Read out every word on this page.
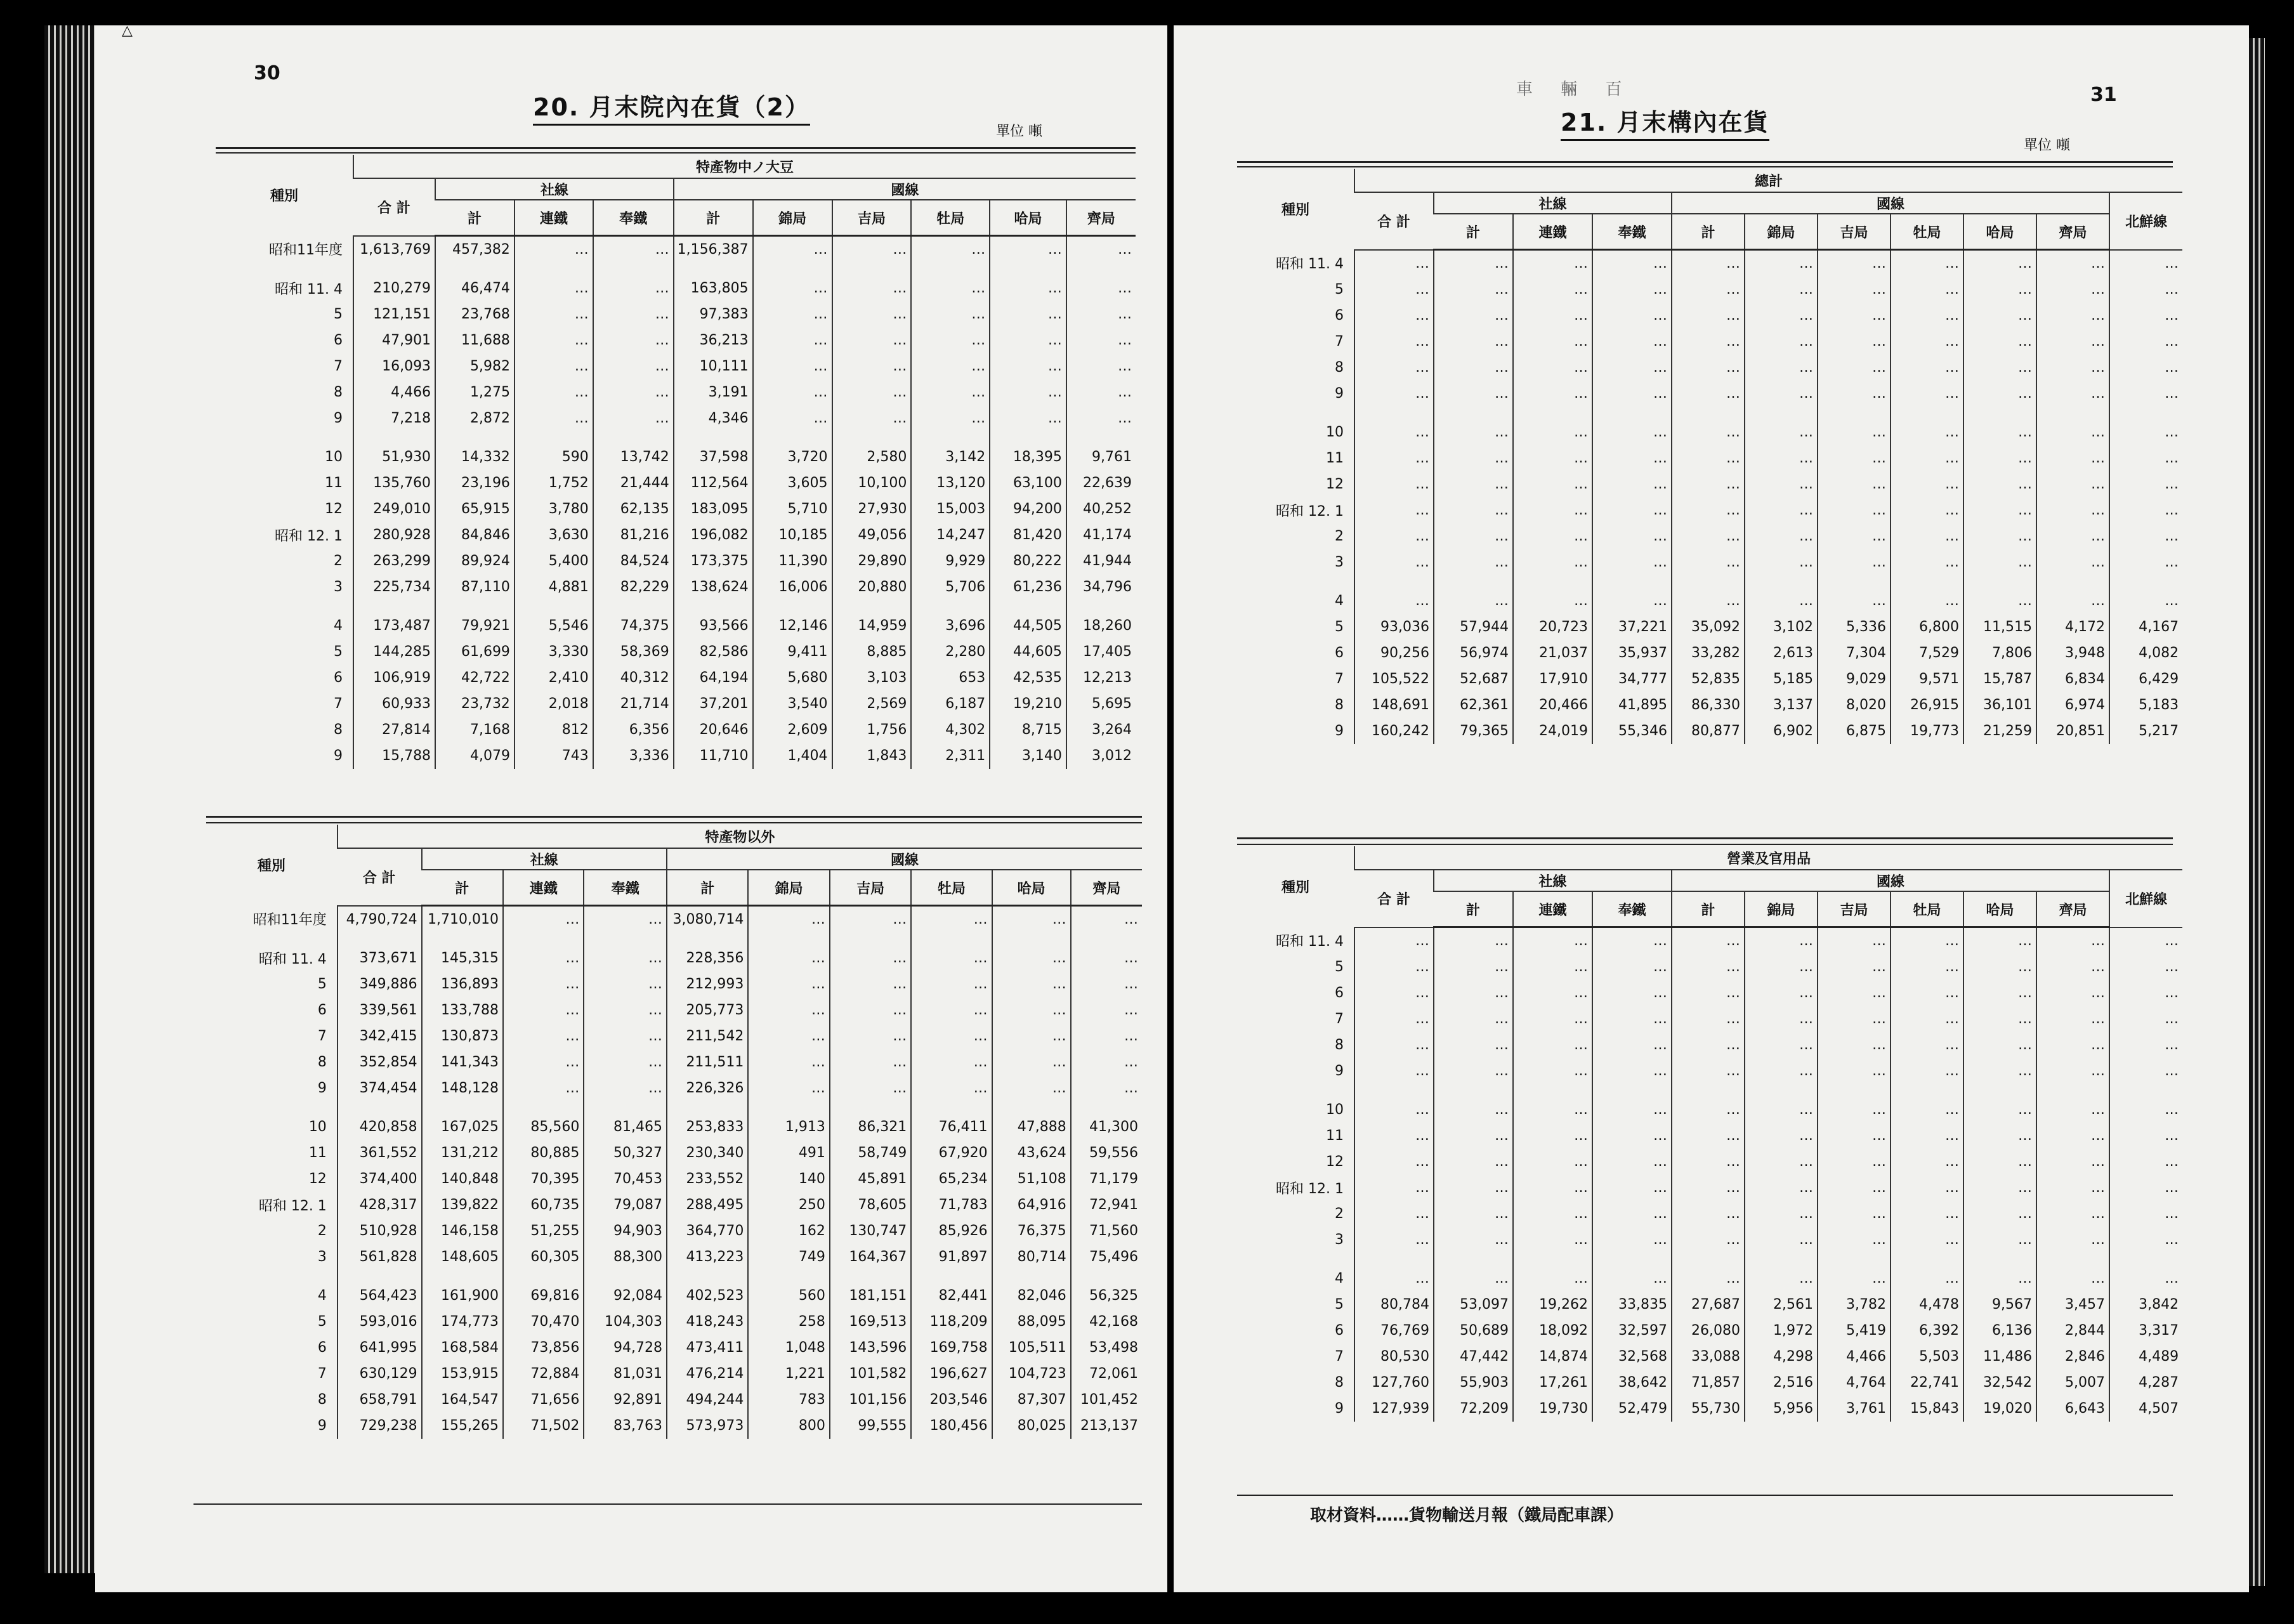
△
30
20. 月末院內在貨（2）
單位 噸
種別	特產物中ノ大豆									
	合 計	社線			國線					
		計	連鐵	奉鐵	計	錦局	吉局	牡局	哈局	齊局
昭和11年度	1,613,769	457,382	…	…	1,156,387	…	…	…	…	…

昭和 11. 4	210,279	46,474	…	…	163,805	…	…	…	…	…
5	121,151	23,768	…	…	97,383	…	…	…	…	…
6	47,901	11,688	…	…	36,213	…	…	…	…	…
7	16,093	5,982	…	…	10,111	…	…	…	…	…
8	4,466	1,275	…	…	3,191	…	…	…	…	…
9	7,218	2,872	…	…	4,346	…	…	…	…	…

10	51,930	14,332	590	13,742	37,598	3,720	2,580	3,142	18,395	9,761
11	135,760	23,196	1,752	21,444	112,564	3,605	10,100	13,120	63,100	22,639
12	249,010	65,915	3,780	62,135	183,095	5,710	27,930	15,003	94,200	40,252
昭和 12. 1	280,928	84,846	3,630	81,216	196,082	10,185	49,056	14,247	81,420	41,174
2	263,299	89,924	5,400	84,524	173,375	11,390	29,890	9,929	80,222	41,944
3	225,734	87,110	4,881	82,229	138,624	16,006	20,880	5,706	61,236	34,796

4	173,487	79,921	5,546	74,375	93,566	12,146	14,959	3,696	44,505	18,260
5	144,285	61,699	3,330	58,369	82,586	9,411	8,885	2,280	44,605	17,405
6	106,919	42,722	2,410	40,312	64,194	5,680	3,103	653	42,535	12,213
7	60,933	23,732	2,018	21,714	37,201	3,540	2,569	6,187	19,210	5,695
8	27,814	7,168	812	6,356	20,646	2,609	1,756	4,302	8,715	3,264
9	15,788	4,079	743	3,336	11,710	1,404	1,843	2,311	3,140	3,012
種別	特產物以外									
	合 計	社線			國線					
		計	連鐵	奉鐵	計	錦局	吉局	牡局	哈局	齊局
昭和11年度	4,790,724	1,710,010	…	…	3,080,714	…	…	…	…	…

昭和 11. 4	373,671	145,315	…	…	228,356	…	…	…	…	…
5	349,886	136,893	…	…	212,993	…	…	…	…	…
6	339,561	133,788	…	…	205,773	…	…	…	…	…
7	342,415	130,873	…	…	211,542	…	…	…	…	…
8	352,854	141,343	…	…	211,511	…	…	…	…	…
9	374,454	148,128	…	…	226,326	…	…	…	…	…

10	420,858	167,025	85,560	81,465	253,833	1,913	86,321	76,411	47,888	41,300
11	361,552	131,212	80,885	50,327	230,340	491	58,749	67,920	43,624	59,556
12	374,400	140,848	70,395	70,453	233,552	140	45,891	65,234	51,108	71,179
昭和 12. 1	428,317	139,822	60,735	79,087	288,495	250	78,605	71,783	64,916	72,941
2	510,928	146,158	51,255	94,903	364,770	162	130,747	85,926	76,375	71,560
3	561,828	148,605	60,305	88,300	413,223	749	164,367	91,897	80,714	75,496

4	564,423	161,900	69,816	92,084	402,523	560	181,151	82,441	82,046	56,325
5	593,016	174,773	70,470	104,303	418,243	258	169,513	118,209	88,095	42,168
6	641,995	168,584	73,856	94,728	473,411	1,048	143,596	169,758	105,511	53,498
7	630,129	153,915	72,884	81,031	476,214	1,221	101,582	196,627	104,723	72,061
8	658,791	164,547	71,656	92,891	494,244	783	101,156	203,546	87,307	101,452
9	729,238	155,265	71,502	83,763	573,973	800	99,555	180,456	80,025	213,137
車 輛 百	31
21. 月末構內在貨
單位 噸
種別	總計										
	合 計	社線			國線						北鮮線
		計	連鐵	奉鐵	計	錦局	吉局	牡局	哈局	齊局	
昭和 11. 4	…	…	…	…	…	…	…	…	…	…	…
5	…	…	…	…	…	…	…	…	…	…	…
6	…	…	…	…	…	…	…	…	…	…	…
7	…	…	…	…	…	…	…	…	…	…	…
8	…	…	…	…	…	…	…	…	…	…	…
9	…	…	…	…	…	…	…	…	…	…	…

10	…	…	…	…	…	…	…	…	…	…	…
11	…	…	…	…	…	…	…	…	…	…	…
12	…	…	…	…	…	…	…	…	…	…	…
昭和 12. 1	…	…	…	…	…	…	…	…	…	…	…
2	…	…	…	…	…	…	…	…	…	…	…
3	…	…	…	…	…	…	…	…	…	…	…

4	…	…	…	…	…	…	…	…	…	…	…
5	93,036	57,944	20,723	37,221	35,092	3,102	5,336	6,800	11,515	4,172	4,167
6	90,256	56,974	21,037	35,937	33,282	2,613	7,304	7,529	7,806	3,948	4,082
7	105,522	52,687	17,910	34,777	52,835	5,185	9,029	9,571	15,787	6,834	6,429
8	148,691	62,361	20,466	41,895	86,330	3,137	8,020	26,915	36,101	6,974	5,183
9	160,242	79,365	24,019	55,346	80,877	6,902	6,875	19,773	21,259	20,851	5,217
種別	營業及官用品										
	合 計	社線			國線						北鮮線
		計	連鐵	奉鐵	計	錦局	吉局	牡局	哈局	齊局	
昭和 11. 4	…	…	…	…	…	…	…	…	…	…	…
5	…	…	…	…	…	…	…	…	…	…	…
6	…	…	…	…	…	…	…	…	…	…	…
7	…	…	…	…	…	…	…	…	…	…	…
8	…	…	…	…	…	…	…	…	…	…	…
9	…	…	…	…	…	…	…	…	…	…	…

10	…	…	…	…	…	…	…	…	…	…	…
11	…	…	…	…	…	…	…	…	…	…	…
12	…	…	…	…	…	…	…	…	…	…	…
昭和 12. 1	…	…	…	…	…	…	…	…	…	…	…
2	…	…	…	…	…	…	…	…	…	…	…
3	…	…	…	…	…	…	…	…	…	…	…

4	…	…	…	…	…	…	…	…	…	…	…
5	80,784	53,097	19,262	33,835	27,687	2,561	3,782	4,478	9,567	3,457	3,842
6	76,769	50,689	18,092	32,597	26,080	1,972	5,419	6,392	6,136	2,844	3,317
7	80,530	47,442	14,874	32,568	33,088	4,298	4,466	5,503	11,486	2,846	4,489
8	127,760	55,903	17,261	38,642	71,857	2,516	4,764	22,741	32,542	5,007	4,287
9	127,939	72,209	19,730	52,479	55,730	5,956	3,761	15,843	19,020	6,643	4,507
取材資料……貨物輸送月報（鐵局配車課）
